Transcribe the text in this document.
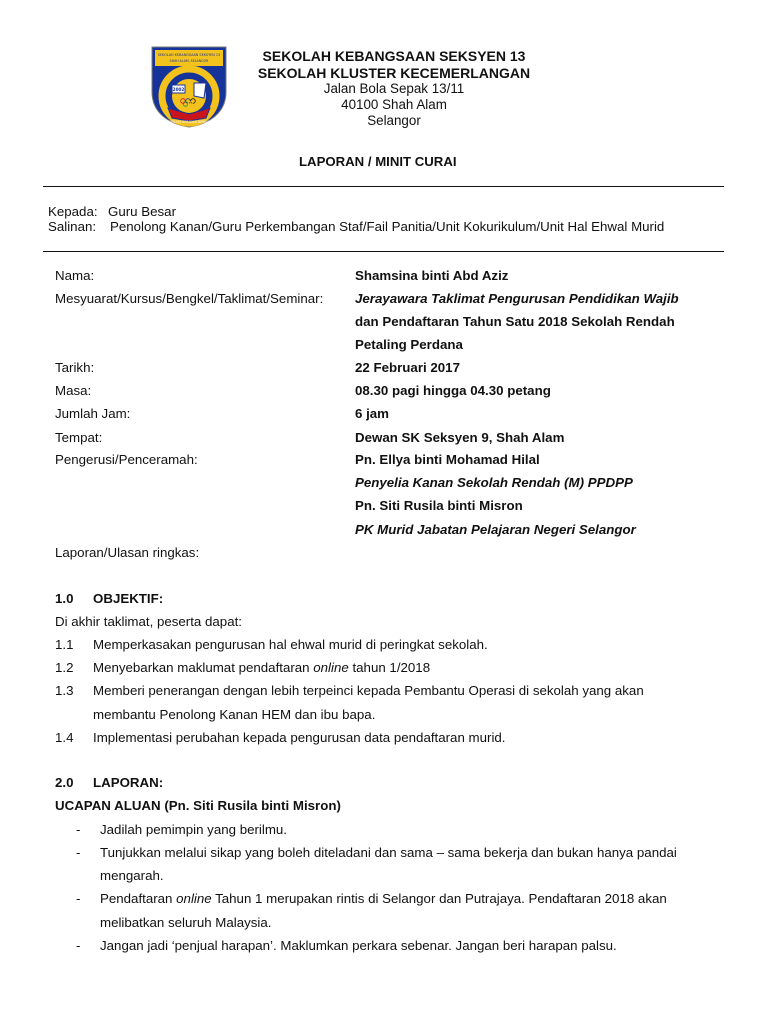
SEKOLAH KEBANGSAAN SEKSYEN 13
SHAH ALAM, SELANGOR
2002
BERILMU BERADAB BERJAYA
SEKOLAH KEBANGSAAN SEKSYEN 13
SEKOLAH KLUSTER KECEMERLANGAN
Jalan Bola Sepak 13/11
40100 Shah Alam
Selangor
LAPORAN / MINIT CURAI
Kepada: Guru Besar
Salinan: Penolong Kanan/Guru Perkembangan Staf/Fail Panitia/Unit Kokurikulum/Unit Hal Ehwal Murid
Nama:	Shamsina binti Abd Aziz
Mesyuarat/Kursus/Bengkel/Taklimat/Seminar: Jerayawara Taklimat Pengurusan Pendidikan Wajib
dan Pendaftaran Tahun Satu 2018 Sekolah Rendah
Petaling Perdana
Tarikh:	22 Februari 2017
Masa:	08.30 pagi hingga 04.30 petang
Jumlah Jam:	6 jam
Tempat:	Dewan SK Seksyen 9, Shah Alam
Pengerusi/Penceramah:	Pn. Ellya binti Mohamad Hilal
Penyelia Kanan Sekolah Rendah (M) PPDPP
Pn. Siti Rusila binti Misron
PK Murid Jabatan Pelajaran Negeri Selangor
Laporan/Ulasan ringkas:
1.0 OBJEKTIF:
Di akhir taklimat, peserta dapat:
1.1 Memperkasakan pengurusan hal ehwal murid di peringkat sekolah.
1.2 Menyebarkan maklumat pendaftaran online tahun 1/2018
1.3 Memberi penerangan dengan lebih terpeinci kepada Pembantu Operasi di sekolah yang akan
membantu Penolong Kanan HEM dan ibu bapa.
1.4 Implementasi perubahan kepada pengurusan data pendaftaran murid.
2.0 LAPORAN:
UCAPAN ALUAN (Pn. Siti Rusila binti Misron)
- Jadilah pemimpin yang berilmu.
- Tunjukkan melalui sikap yang boleh diteladani dan sama – sama bekerja dan bukan hanya pandai
mengarah.
- Pendaftaran online Tahun 1 merupakan rintis di Selangor dan Putrajaya. Pendaftaran 2018 akan
melibatkan seluruh Malaysia.
- Jangan jadi ‘penjual harapan’. Maklumkan perkara sebenar. Jangan beri harapan palsu.
